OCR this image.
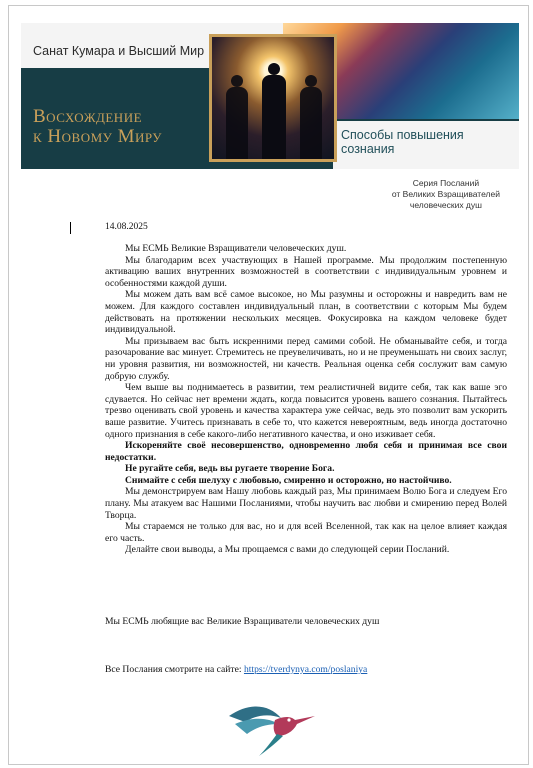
Санат Кумара и Высший Мир
Восхождение
к Новому Миру	Способы повышения сознания
Серия Посланий
от Великих Взращивателей
человеческих душ
14.08.2025

Мы ЕСМЬ Великие Взращиватели человеческих душ.

Мы благодарим всех участвующих в Нашей программе. Мы продолжим постепенную активацию ваших внутренних возможностей в соответствии с индивидуальным уровнем и особенностями каждой души.

Мы можем дать вам всё самое высокое, но Мы разумны и осторожны и навредить вам не можем. Для каждого составлен индивидуальный план, в соответствии с которым Мы будем действовать на протяжении нескольких месяцев. Фокусировка на каждом человеке будет индивидуальной.

Мы призываем вас быть искренними перед самими собой. Не обманывайте себя, и тогда разочарование вас минует. Стремитесь не преувеличивать, но и не преуменьшать ни своих заслуг, ни уровня развития, ни возможностей, ни качеств. Реальная оценка себя сослужит вам самую добрую службу.

Чем выше вы поднимаетесь в развитии, тем реалистичней видите себя, так как ваше эго сдувается. Но сейчас нет времени ждать, когда повысится уровень вашего сознания. Пытайтесь трезво оценивать свой уровень и качества характера уже сейчас, ведь это позволит вам ускорить ваше развитие. Учитесь признавать в себе то, что кажется невероятным, ведь иногда достаточно одного признания в себе какого-либо негативного качества, и оно изживает себя.

Искореняйте своё несовершенство, одновременно любя себя и принимая все свои недостатки.

Не ругайте себя, ведь вы ругаете творение Бога.

Снимайте с себя шелуху с любовью, смиренно и осторожно, но настойчиво.

Мы демонстрируем вам Нашу любовь каждый раз, Мы принимаем Волю Бога и следуем Его плану. Мы атакуем вас Нашими Посланиями, чтобы научить вас любви и смирению перед Волей Творца.

Мы стараемся не только для вас, но и для всей Вселенной, так как на целое влияет каждая его часть.

Делайте свои выводы, а Мы прощаемся с вами до следующей серии Посланий.

Мы ЕСМЬ любящие вас Великие Взращиватели человеческих душ
Все Послания смотрите на сайте: https://tverdynya.com/poslaniya
